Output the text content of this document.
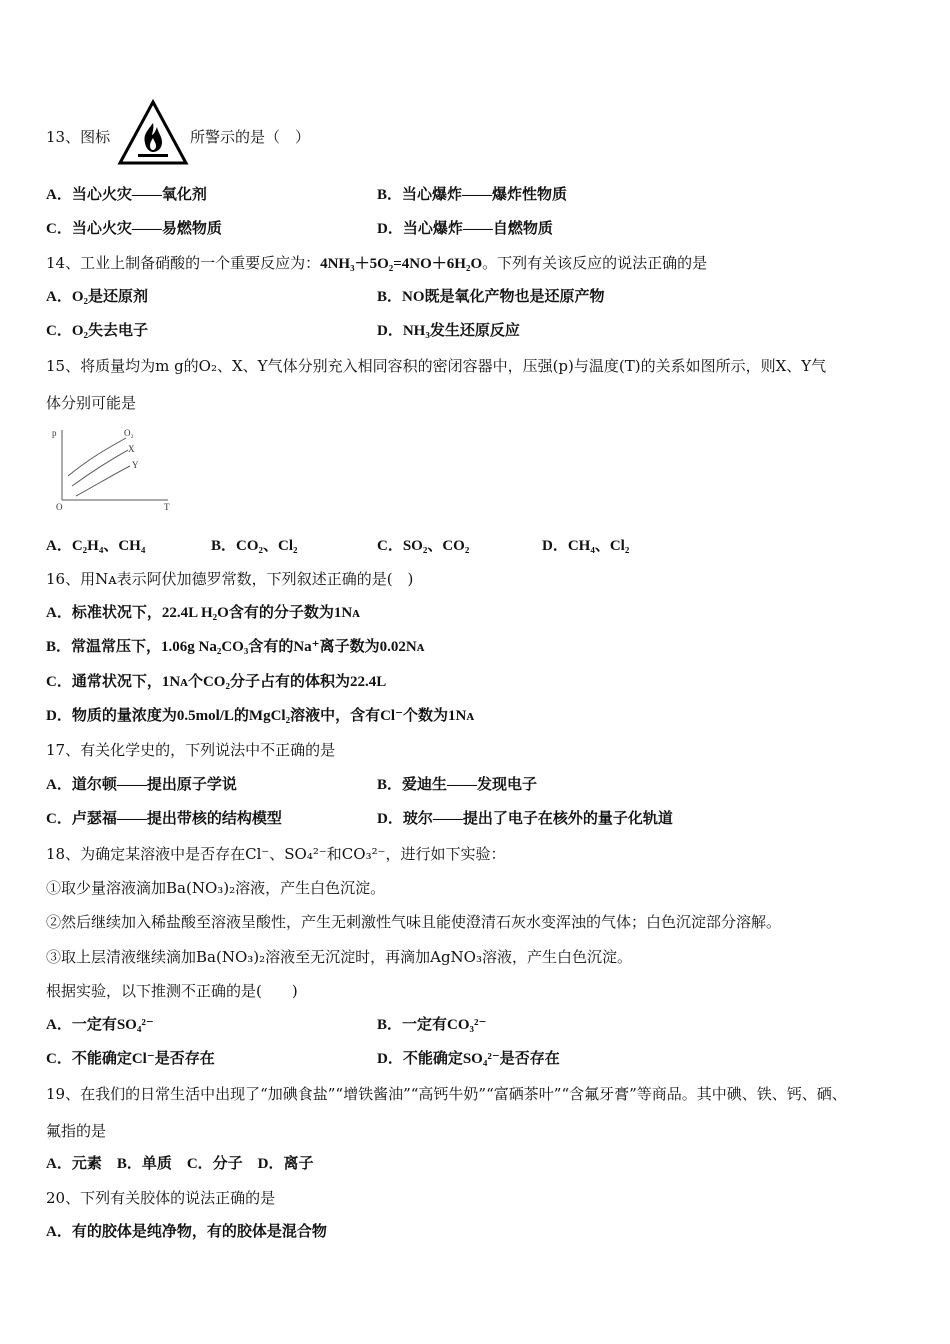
13、图标	所警示的是（　）
A．当心火灾——氧化剂	B．当心爆炸——爆炸性物质
C．当心火灾——易燃物质	D．当心爆炸——自燃物质
14、工业上制备硝酸的一个重要反应为：4NH₃＋5O₂=4NO＋6H₂O。下列有关该反应的说法正确的是
A．O₂是还原剂	B．NO既是氧化产物也是还原产物
C．O₂失去电子	D．NH₃发生还原反应
15、将质量均为m g的O₂、X、Y气体分别充入相同容积的密闭容器中，压强(p)与温度(T)的关系如图所示，则X、Y气
体分别可能是
p
O	T
O₂
X
Y
A．C₂H₄、CH₄	B．CO₂、Cl₂	C．SO₂、CO₂	D．CH₄、Cl₂
16、用Nᴀ表示阿伏加德罗常数，下列叙述正确的是(　)
A．标准状况下，22.4L H₂O含有的分子数为1Nᴀ
B．常温常压下，1.06g Na₂CO₃含有的Na⁺离子数为0.02Nᴀ
C．通常状况下，1Nᴀ个CO₂分子占有的体积为22.4L
D．物质的量浓度为0.5mol/L的MgCl₂溶液中，含有Cl⁻个数为1Nᴀ
17、有关化学史的，下列说法中不正确的是
A．道尔顿——提出原子学说	B．爱迪生——发现电子
C．卢瑟福——提出带核的结构模型	D．玻尔——提出了电子在核外的量子化轨道
18、为确定某溶液中是否存在Cl⁻、SO₄²⁻和CO₃²⁻，进行如下实验：
①取少量溶液滴加Ba(NO₃)₂溶液，产生白色沉淀。
②然后继续加入稀盐酸至溶液呈酸性，产生无刺激性气味且能使澄清石灰水变浑浊的气体；白色沉淀部分溶解。
③取上层清液继续滴加Ba(NO₃)₂溶液至无沉淀时，再滴加AgNO₃溶液，产生白色沉淀。
根据实验，以下推测不正确的是(　　)
A．一定有SO₄²⁻	B．一定有CO₃²⁻
C．不能确定Cl⁻是否存在	D．不能确定SO₄²⁻是否存在
19、在我们的日常生活中出现了“加碘食盐”“增铁酱油”“高钙牛奶”“富硒茶叶”“含氟牙膏”等商品。其中碘、铁、钙、硒、
氟指的是
A．元素　B．单质　C．分子　D．离子
20、下列有关胶体的说法正确的是
A．有的胶体是纯净物，有的胶体是混合物
